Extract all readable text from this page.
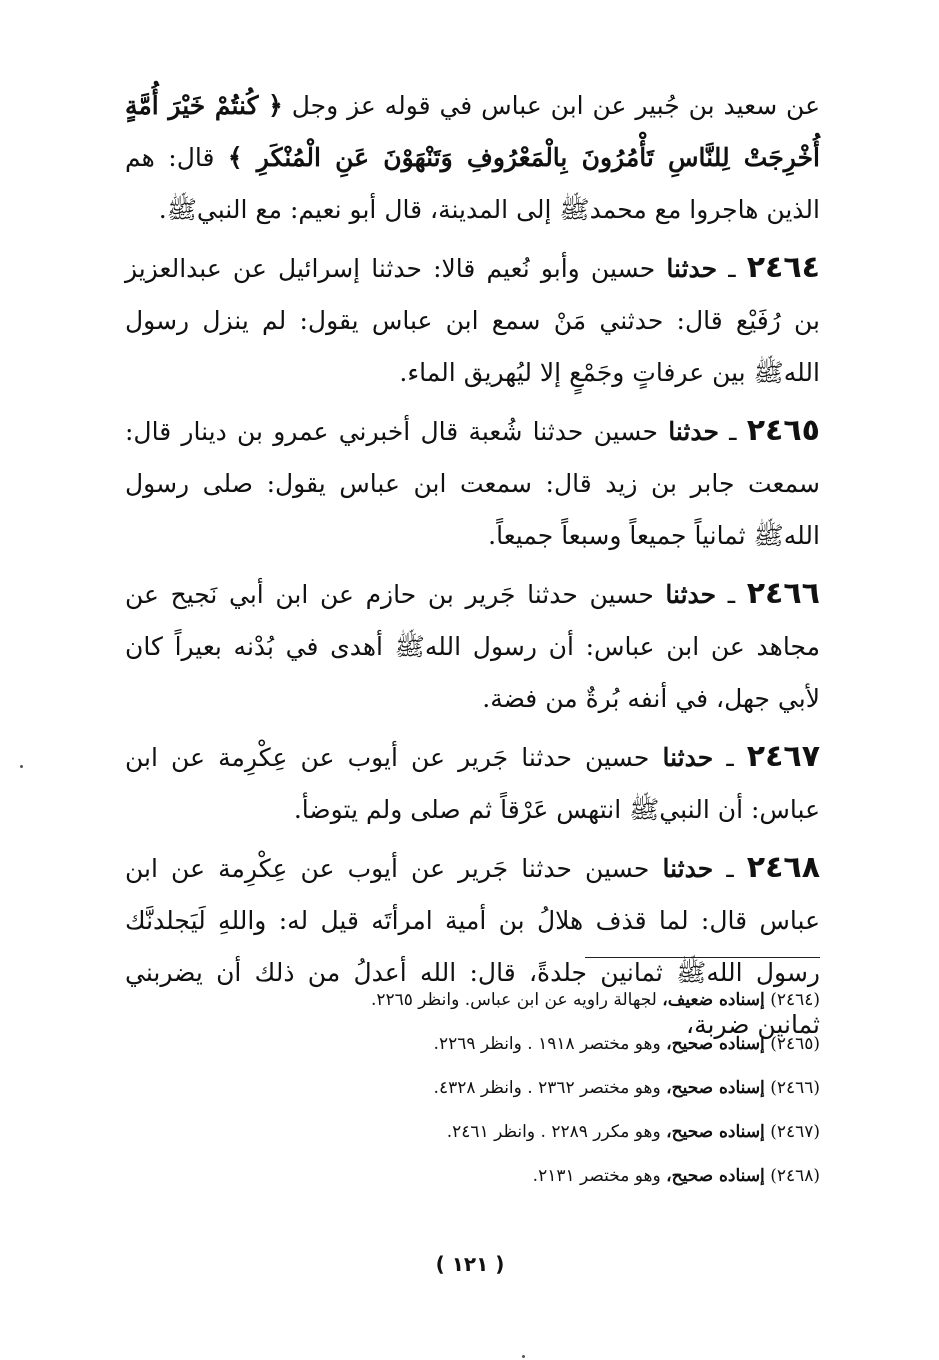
عن سعيد بن جُبير عن ابن عباس في قوله عز وجل ﴿ كُنتُمْ خَيْرَ أُمَّةٍ أُخْرِجَتْ لِلنَّاسِ تَأْمُرُونَ بِالْمَعْرُوفِ وَتَنْهَوْنَ عَنِ الْمُنْكَرِ ﴾ قال: هم الذين هاجروا مع محمدﷺ إلى المدينة، قال أبو نعيم: مع النبيﷺ.

٢٤٦٤ ـ حدثنا حسين وأبو نُعيم قالا: حدثنا إسرائيل عن عبدالعزيز بن رُفَيْع قال: حدثني مَنْ سمع ابن عباس يقول: لم ينزل رسول اللهﷺ بين عرفاتٍ وجَمْعٍ إلا ليُهريق الماء.

٢٤٦٥ ـ حدثنا حسين حدثنا شُعبة قال أخبرني عمرو بن دينار قال: سمعت جابر بن زيد قال: سمعت ابن عباس يقول: صلى رسول اللهﷺ ثمانياً جميعاً وسبعاً جميعاً.

٢٤٦٦ ـ حدثنا حسين حدثنا جَرير بن حازم عن ابن أبي نَجيح عن مجاهد عن ابن عباس: أن رسول اللهﷺ أهدى في بُدْنه بعيراً كان لأبي جهل، في أنفه بُرةٌ من فضة.

٢٤٦٧ ـ حدثنا حسين حدثنا جَرير عن أيوب عن عِكْرِمة عن ابن عباس: أن النبيﷺ انتهس عَرْقاً ثم صلى ولم يتوضأ.

٢٤٦٨ ـ حدثنا حسين حدثنا جَرير عن أيوب عن عِكْرِمة عن ابن عباس قال: لما قذف هلالُ بن أمية امرأتَه قيل له: واللهِ لَيَجلدنَّك رسول اللهﷺ ثمانين جلدةً، قال: الله أعدلُ من ذلك أن يضربني ثمانين ضربة،

(٢٤٦٤) إسناده ضعيف، لجهالة راويه عن ابن عباس. وانظر ٢٢٦٥.
(٢٤٦٥) إسناده صحيح، وهو مختصر ١٩١٨ . وانظر ٢٢٦٩.
(٢٤٦٦) إسناده صحيح، وهو مختصر ٢٣٦٢ . وانظر ٤٣٢٨.
(٢٤٦٧) إسناده صحيح، وهو مكرر ٢٢٨٩ . وانظر ٢٤٦١.
(٢٤٦٨) إسناده صحيح، وهو مختصر ٢١٣١.
( ١٢١ )
